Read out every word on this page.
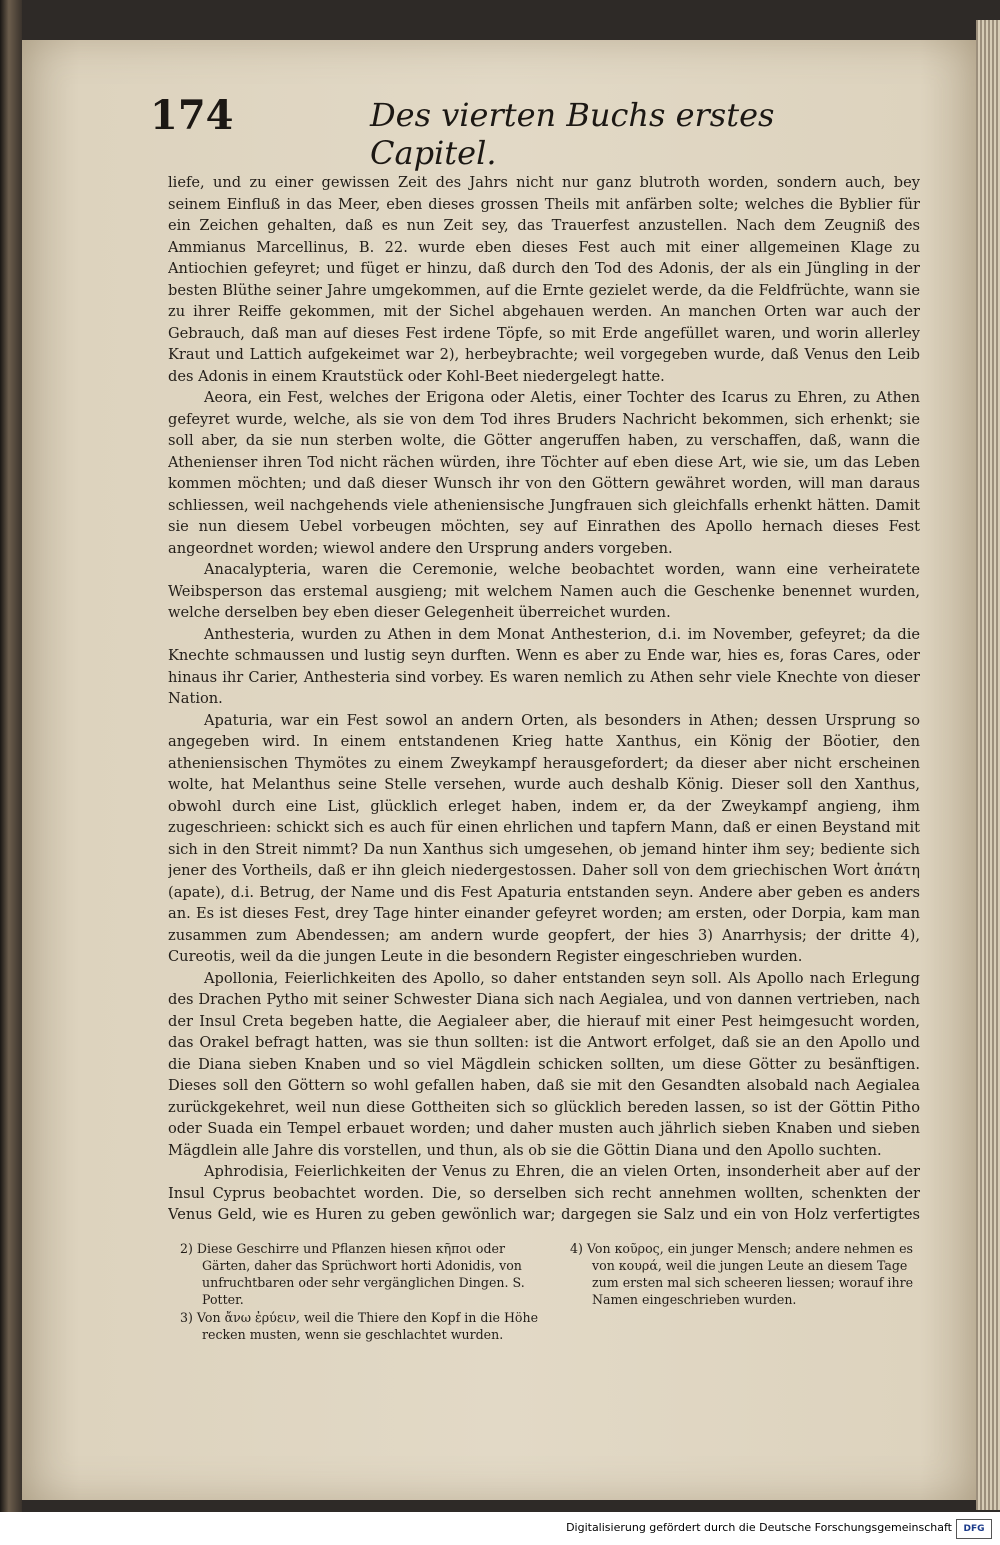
174	Des vierten Buchs erstes Capitel.

liefe, und zu einer gewissen Zeit des Jahrs nicht nur ganz blutroth worden, sondern auch, bey seinem Einfluß in das Meer, eben dieses grossen Theils mit anfärben solte; welches die Byblier für ein Zeichen gehalten, daß es nun Zeit sey, das Trauerfest anzustellen. Nach dem Zeugniß des Ammianus Marcellinus, B. 22. wurde eben dieses Fest auch mit einer allgemeinen Klage zu Antiochien gefeyret; und füget er hinzu, daß durch den Tod des Adonis, der als ein Jüngling in der besten Blüthe seiner Jahre umgekommen, auf die Ernte gezielet werde, da die Feldfrüchte, wann sie zu ihrer Reiffe gekommen, mit der Sichel abgehauen werden. An manchen Orten war auch der Gebrauch, daß man auf dieses Fest irdene Töpfe, so mit Erde angefüllet waren, und worin allerley Kraut und Lattich aufgekeimet war 2), herbeybrachte; weil vorgegeben wurde, daß Venus den Leib des Adonis in einem Krautstück oder Kohl-Beet niedergelegt hatte.

Aeora, ein Fest, welches der Erigona oder Aletis, einer Tochter des Icarus zu Ehren, zu Athen gefeyret wurde, welche, als sie von dem Tod ihres Bruders Nachricht bekommen, sich erhenkt; sie soll aber, da sie nun sterben wolte, die Götter angeruffen haben, zu verschaffen, daß, wann die Athenienser ihren Tod nicht rächen würden, ihre Töchter auf eben diese Art, wie sie, um das Leben kommen möchten; und daß dieser Wunsch ihr von den Göttern gewähret worden, will man daraus schliessen, weil nachgehends viele atheniensische Jungfrauen sich gleichfalls erhenkt hätten. Damit sie nun diesem Uebel vorbeugen möchten, sey auf Einrathen des Apollo hernach dieses Fest angeordnet worden; wiewol andere den Ursprung anders vorgeben.

Anacalypteria, waren die Ceremonie, welche beobachtet worden, wann eine verheiratete Weibsperson das erstemal ausgieng; mit welchem Namen auch die Geschenke benennet wurden, welche derselben bey eben dieser Gelegenheit überreichet wurden.

Anthesteria, wurden zu Athen in dem Monat Anthesterion, d.i. im November, gefeyret; da die Knechte schmaussen und lustig seyn durften. Wenn es aber zu Ende war, hies es, foras Cares, oder hinaus ihr Carier, Anthesteria sind vorbey. Es waren nemlich zu Athen sehr viele Knechte von dieser Nation.

Apaturia, war ein Fest sowol an andern Orten, als besonders in Athen; dessen Ursprung so angegeben wird. In einem entstandenen Krieg hatte Xanthus, ein König der Böotier, den atheniensischen Thymötes zu einem Zweykampf herausgefordert; da dieser aber nicht erscheinen wolte, hat Melanthus seine Stelle versehen, wurde auch deshalb König. Dieser soll den Xanthus, obwohl durch eine List, glücklich erleget haben, indem er, da der Zweykampf angieng, ihm zugeschrieen: schickt sich es auch für einen ehrlichen und tapfern Mann, daß er einen Beystand mit sich in den Streit nimmt? Da nun Xanthus sich umgesehen, ob jemand hinter ihm sey; bediente sich jener des Vortheils, daß er ihn gleich niedergestossen. Daher soll von dem griechischen Wort ἀπάτη (apate), d.i. Betrug, der Name und dis Fest Apaturia entstanden seyn. Andere aber geben es anders an. Es ist dieses Fest, drey Tage hinter einander gefeyret worden; am ersten, oder Dorpia, kam man zusammen zum Abendessen; am andern wurde geopfert, der hies 3) Anarrhysis; der dritte 4), Cureotis, weil da die jungen Leute in die besondern Register eingeschrieben wurden.

Apollonia, Feierlichkeiten des Apollo, so daher entstanden seyn soll. Als Apollo nach Erlegung des Drachen Pytho mit seiner Schwester Diana sich nach Aegialea, und von dannen vertrieben, nach der Insul Creta begeben hatte, die Aegialeer aber, die hierauf mit einer Pest heimgesucht worden, das Orakel befragt hatten, was sie thun sollten: ist die Antwort erfolget, daß sie an den Apollo und die Diana sieben Knaben und so viel Mägdlein schicken sollten, um diese Götter zu besänftigen. Dieses soll den Göttern so wohl gefallen haben, daß sie mit den Gesandten alsobald nach Aegialea zurückgekehret, weil nun diese Gottheiten sich so glücklich bereden lassen, so ist der Göttin Pitho oder Suada ein Tempel erbauet worden; und daher musten auch jährlich sieben Knaben und sieben Mägdlein alle Jahre dis vorstellen, und thun, als ob sie die Göttin Diana und den Apollo suchten.

Aphrodisia, Feierlichkeiten der Venus zu Ehren, die an vielen Orten, insonderheit aber auf der Insul Cyprus beobachtet worden. Die, so derselben sich recht annehmen wollten, schenkten der Venus Geld, wie es Huren zu geben gewönlich war; dargegen sie Salz und ein von Holz verfertigtes

2) Diese Geschirre und Pflanzen hiesen κῆποι oder Gärten, daher das Sprüchwort horti Adonidis, von unfruchtbaren oder sehr vergänglichen Dingen. S. Potter.

3) Von ἄνω ἐρύειν, weil die Thiere den Kopf in die Höhe recken musten, wenn sie geschlachtet wurden.

4) Von κοῦρος, ein junger Mensch; andere nehmen es von κουρά, weil die jungen Leute an diesem Tage zum ersten mal sich scheeren liessen; worauf ihre Namen eingeschrieben wurden.

Digitalisierung gefördert durch die Deutsche Forschungsgemeinschaft	DFG
